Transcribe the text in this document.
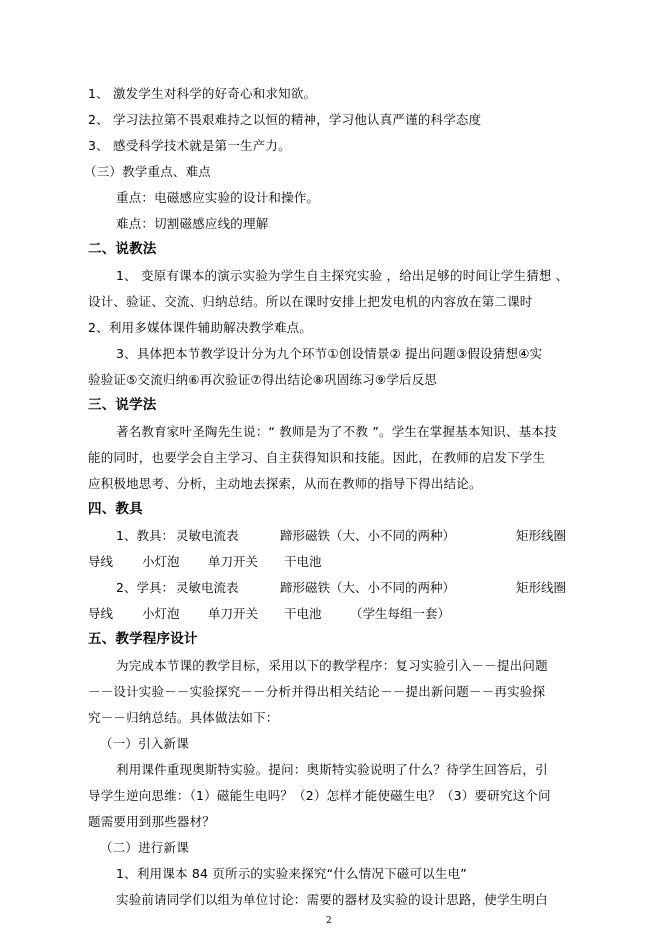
1、 激发学生对科学的好奇心和求知欲。
2、 学习法拉第不畏艰难持之以恒的精神，学习他认真严谨的科学态度
3、 感受科学技术就是第一生产力。
（三）教学重点、难点
重点：电磁感应实验的设计和操作。
难点：切割磁感应线的理解
二、说教法
1、 变原有课本的演示实验为学生自主探究实验 ，给出足够的时间让学生猜想 、
设计、验证、交流、归纳总结。所以在课时安排上把发电机的内容放在第二课时
2、利用多媒体课件辅助解决教学难点。
3、具体把本节教学设计分为九个环节①创设情景② 提出问题③假设猜想④实
验验证⑤交流归纳⑥再次验证⑦得出结论⑧巩固练习⑨学后反思
三、说学法
著名教育家叶圣陶先生说：“ 教师是为了不教 ”。学生在掌握基本知识、基本技
能的同时，也要学会自主学习、自主获得知识和技能。因此，在教师的启发下学生
应积极地思考、分析，主动地去探索，从而在教师的指导下得出结论。
四、教具
1、教具： 灵敏电流表	蹄形磁铁（大、小不同的两种）	矩形线圈
导线 小灯泡 单刀开关 干电池
2、学具： 灵敏电流表	蹄形磁铁（大、小不同的两种）	矩形线圈
导线 小灯泡 单刀开关 干电池 （学生每组一套）
五、教学程序设计
为完成本节课的教学目标，采用以下的教学程序：复习实验引入－－提出问题
－－设计实验－－实验探究－－分析并得出相关结论－－提出新问题－－再实验探
究－－归纳总结。具体做法如下：
（一）引入新课
利用课件重现奥斯特实验。提问：奥斯特实验说明了什么？待学生回答后，引
导学生逆向思维：（1）磁能生电吗？（2）怎样才能使磁生电？（3）要研究这个问
题需要用到那些器材？
（二）进行新课
1、利用课本 84 页所示的实验来探究“什么情况下磁可以生电”
实验前请同学们以组为单位讨论：需要的器材及实验的设计思路，使学生明白
2
